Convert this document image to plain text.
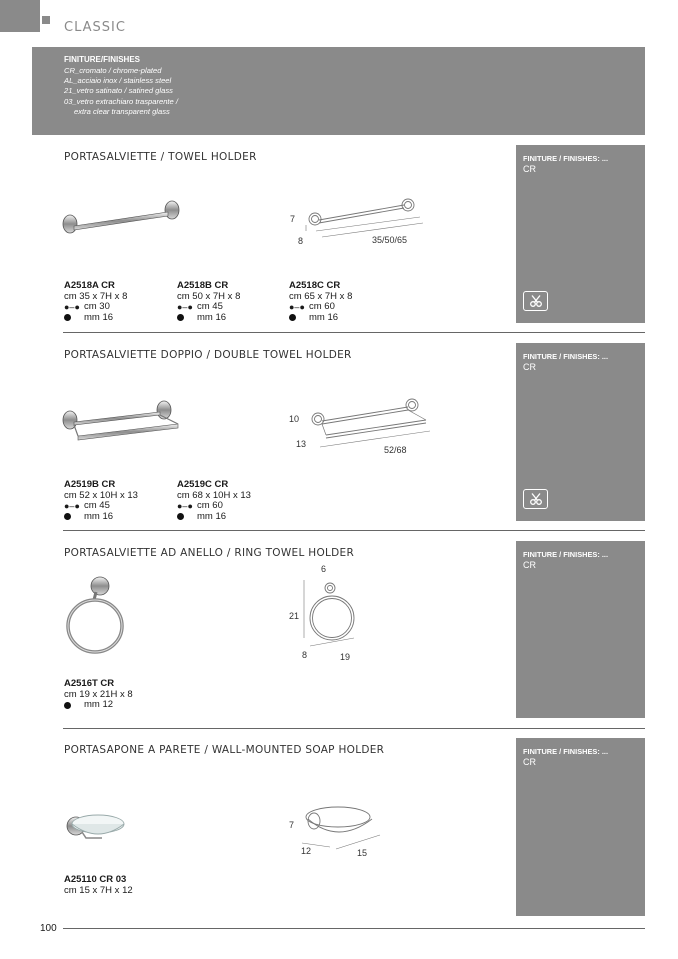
CLASSIC
FINITURE/FINISHES
CR_cromato / chrome-plated
AL_acciaio inox / stainless steel
21_vetro satinato / satined glass
03_vetro extrachiaro trasparente /
extra clear transparent glass
PORTASALVIETTE / TOWEL HOLDER	FINITURE / FINISHES: ...
CR
7
8	35/50/65
A2518A CR
cm 35 x 7H x 8
●–● cm 30
mm 16
A2518B CR
cm 50 x 7H x 8
●–● cm 45
mm 16
A2518C CR
cm 65 x 7H x 8
●–● cm 60
mm 16
PORTASALVIETTE DOPPIO / DOUBLE TOWEL HOLDER	FINITURE / FINISHES: ...
CR
10
13
52/68
A2519B CR
cm 52 x 10H x 13
●–● cm 45
mm 16
A2519C CR
cm 68 x 10H x 13
●–● cm 60
mm 16
PORTASALVIETTE AD ANELLO / RING TOWEL HOLDER	FINITURE / FINISHES: ...
CR
6
21
8	19
A2516T CR
cm 19 x 21H x 8
mm 12
PORTASAPONE A PARETE / WALL-MOUNTED SOAP HOLDER	FINITURE / FINISHES: ...
CR
7
12	15
A25110 CR 03
cm 15 x 7H x 12
100
